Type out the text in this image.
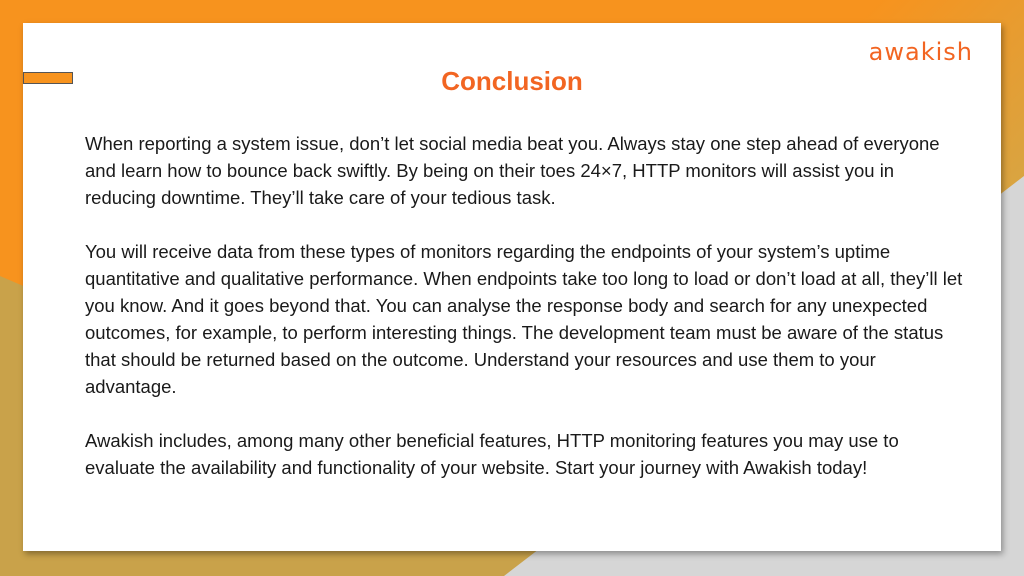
awakish
Conclusion

When reporting a system issue, don’t let social media beat you. Always stay one step ahead of everyone and learn how to bounce back swiftly. By being on their toes 24×7, HTTP monitors will assist you in reducing downtime. They’ll take care of your tedious task.

You will receive data from these types of monitors regarding the endpoints of your system’s uptime quantitative and qualitative performance. When endpoints take too long to load or don’t load at all, they’ll let you know. And it goes beyond that. You can analyse the response body and search for any unexpected outcomes, for example, to perform interesting things. The development team must be aware of the status that should be returned based on the outcome. Understand your resources and use them to your advantage.

Awakish includes, among many other beneficial features, HTTP monitoring features you may use to evaluate the availability and functionality of your website. Start your journey with Awakish today!
